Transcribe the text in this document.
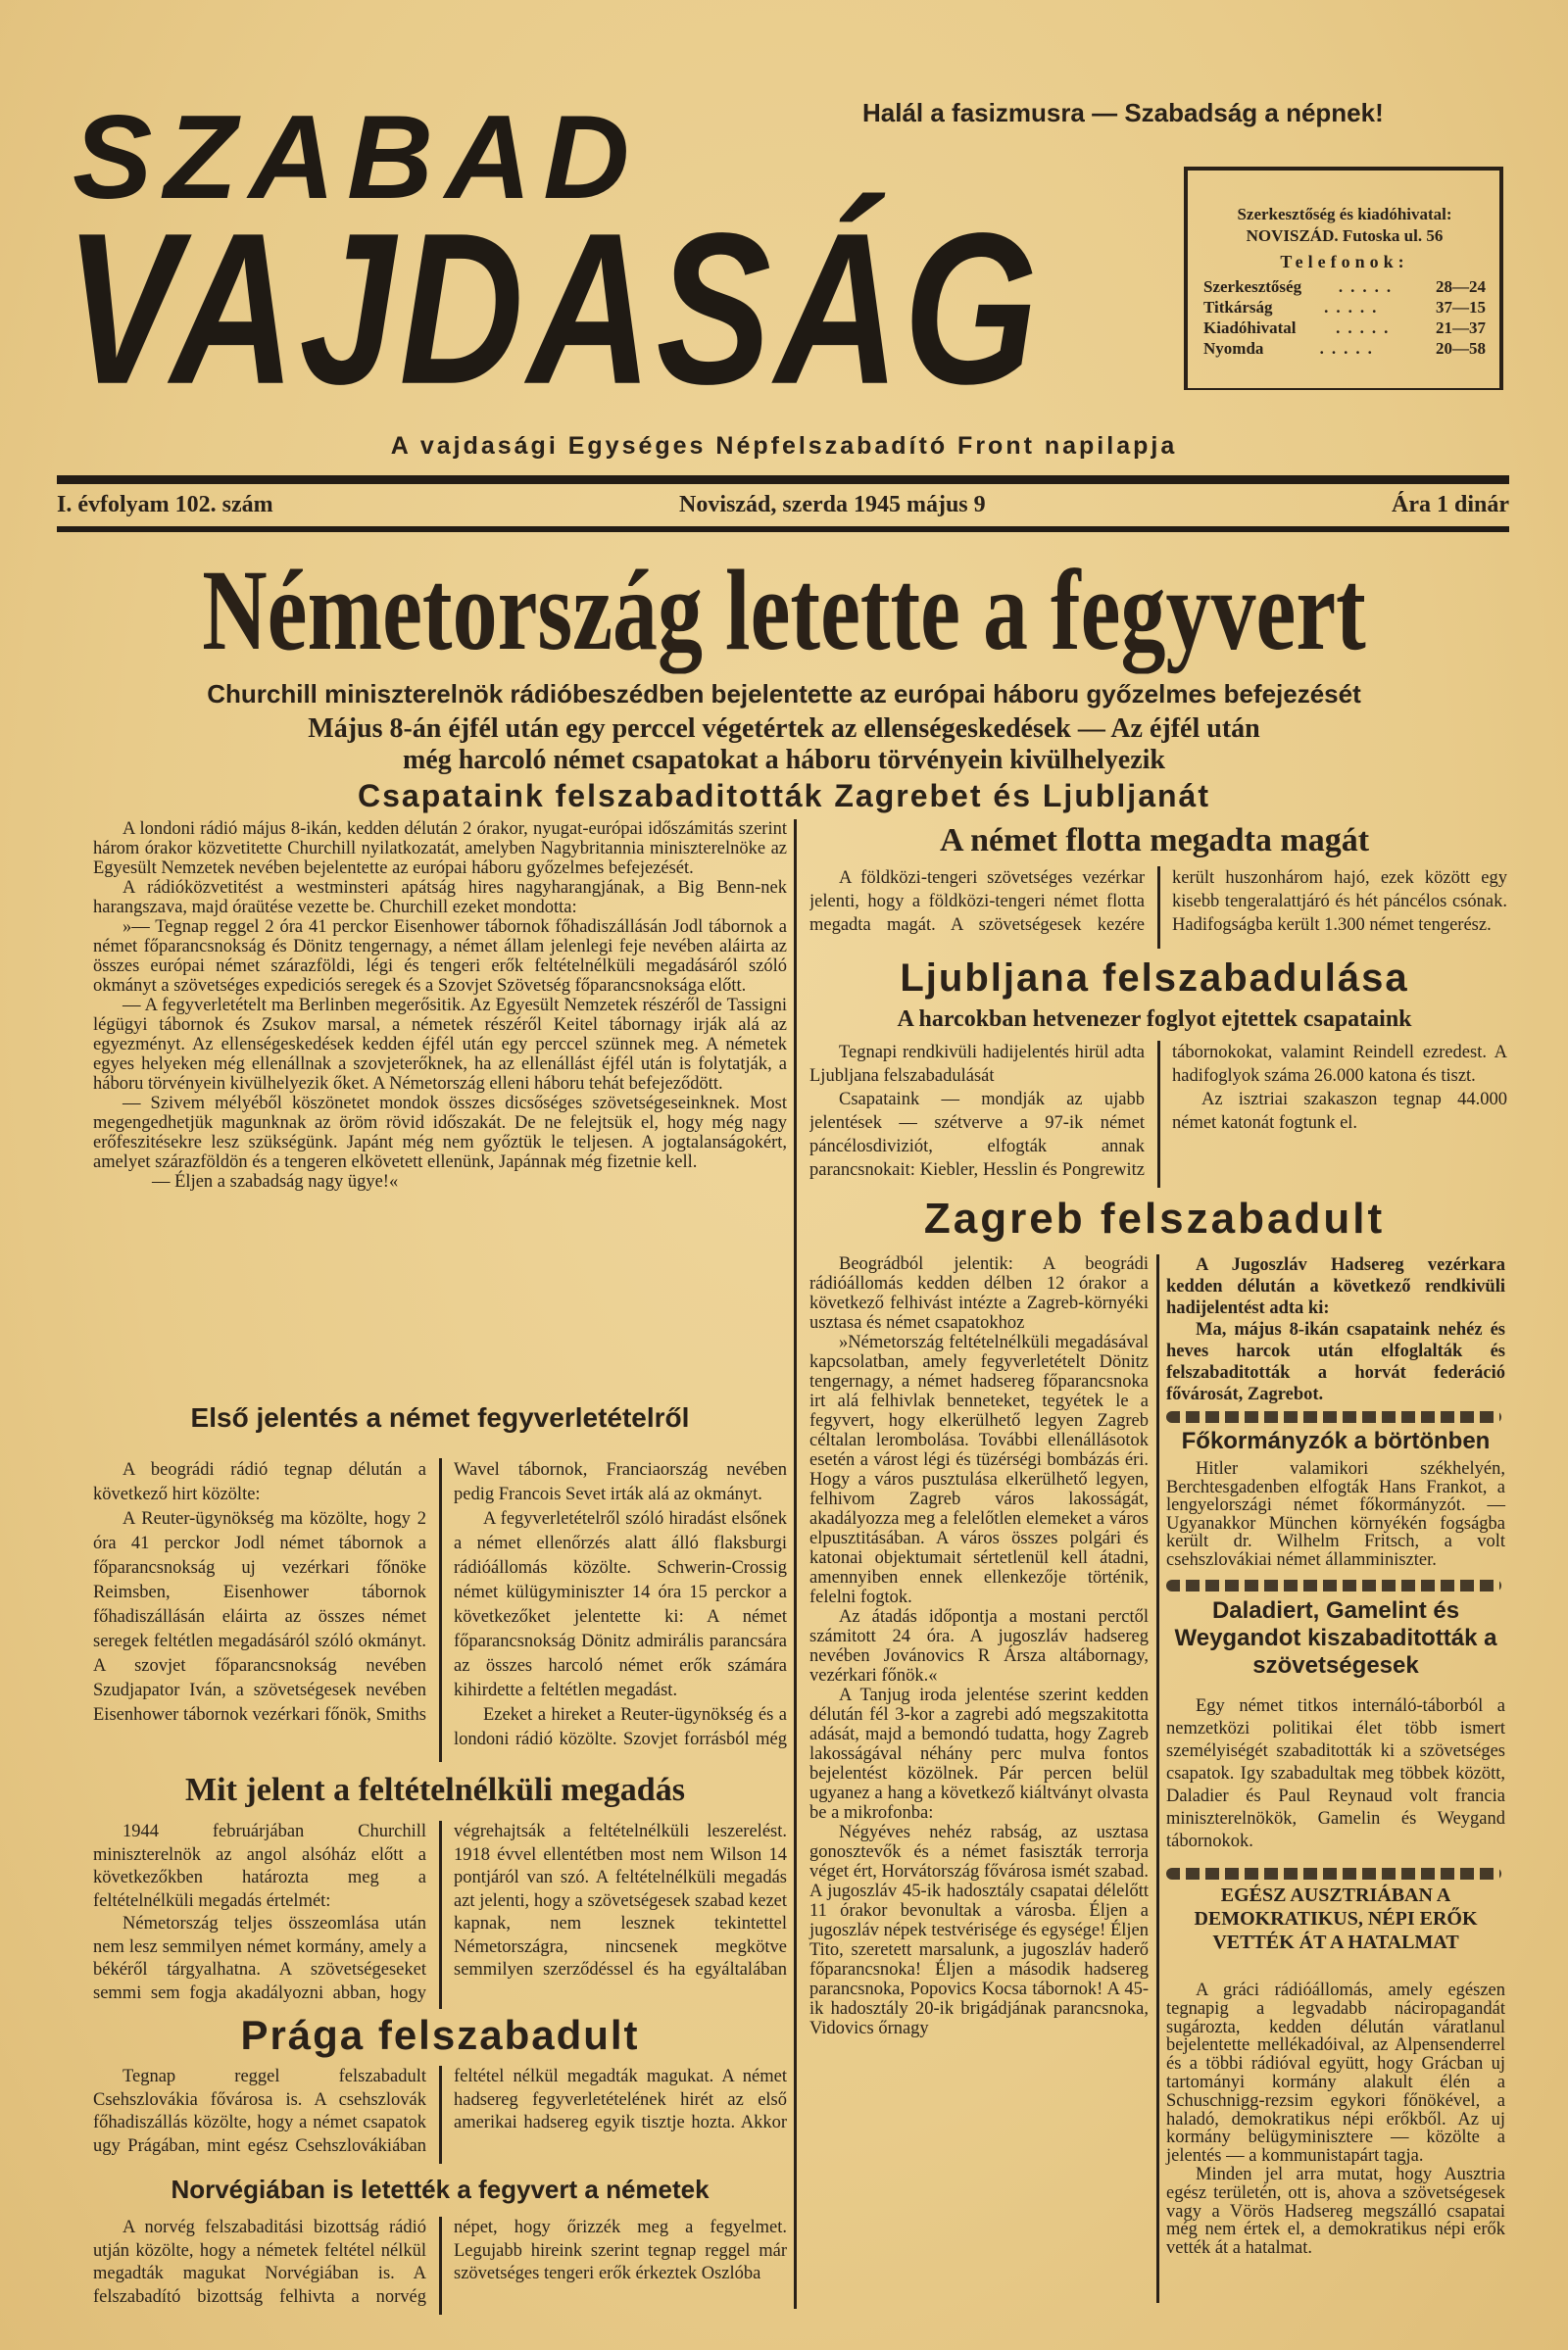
SZABAD
VAJDASÁG
Halál a fasizmusra — Szabadság a népnek!
Szerkesztőség és kiadóhivatal:
NOVISZÁD. Futoska ul. 56
Telefonok:
Szerkesztőség	.....	28—24
Titkárság	.....	37—15
Kiadóhivatal	.....	21—37
Nyomda	.....	20—58
A vajdasági Egységes Népfelszabadító Front napilapja
I. évfolyam 102. szám	Noviszád, szerda 1945 május 9	Ára 1 dinár
Németország letette a fegyvert
Churchill miniszterelnök rádióbeszédben bejelentette az európai háboru győzelmes befejezését
Május 8-án éjfél után egy perccel végetértek az ellenségeskedések — Az éjfél után
még harcoló német csapatokat a háboru törvényein kivülhelyezik
Csapataink felszabaditották Zagrebet és Ljubljanát

A londoni rádió május 8-ikán, kedden délután 2 órakor, nyugat-európai időszámitás szerint három órakor közvetitette Churchill nyilatkozatát, amelyben Nagybritannia miniszterelnöke az Egyesült Nemzetek nevében bejelentette az európai háboru győzelmes befejezését.

A rádióközvetitést a westminsteri apátság hires nagyharangjának, a Big Benn-nek harangszava, majd óraütése vezette be. Churchill ezeket mondotta:

»— Tegnap reggel 2 óra 41 perckor Eisenhower tábornok főhadiszállásán Jodl tábornok a német főparancsnokság és Dönitz tengernagy, a német állam jelenlegi feje nevében aláirta az összes európai német szárazföldi, légi és tengeri erők feltételnélküli megadásáról szóló okmányt a szövetséges expediciós seregek és a Szovjet Szövetség főparancsnoksága előtt.

— A fegyverletételt ma Berlinben megerősitik. Az Egyesült Nemzetek részéről de Tassigni légügyi tábornok és Zsukov marsal, a németek részéről Keitel tábornagy irják alá az egyezményt. Az ellenségeskedések kedden éjfél után egy perccel szünnek meg. A németek egyes helyeken még ellenállnak a szovjeterőknek, ha az ellenállást éjfél után is folytatják, a háboru törvényein kivülhelyezik őket. A Németország elleni háboru tehát befejeződött.

— Szivem mélyéből köszönetet mondok összes dicsőséges szövetségeseinknek. Most megengedhetjük magunknak az öröm rövid időszakát. De ne felejtsük el, hogy még nagy erőfeszitésekre lesz szükségünk. Japánt még nem győztük le teljesen. A jogtalanságokért, amelyet szárazföldön és a tengeren elkövetett ellenünk, Japánnak még fizetnie kell.

— Éljen a szabadság nagy ügye!«

Első jelentés a német fegyverletételről

A beográdi rádió tegnap délután a következő hirt közölte:

A Reuter-ügynökség ma közölte, hogy 2 óra 41 perckor Jodl német tábornok a főparancsnokság uj vezérkari főnöke Reimsben, Eisenhower tábornok főhadiszállásán eláirta az összes német seregek feltétlen megadásáról szóló okmányt. A szovjet főparancsnokság nevében Szudjapator Iván, a szövetségesek nevében Eisenhower tábornok vezérkari főnök, Smiths Wavel tábornok, Franciaország nevében pedig Francois Sevet irták alá az okmányt.

A fegyverletételről szóló hiradást elsőnek a német ellenőrzés alatt álló flaksburgi rádióállomás közölte. Schwerin-Crossig német külügyminiszter 14 óra 15 perckor a következőket jelentette ki: A német főparancsnokság Dönitz admirális parancsára az összes harcoló német erők számára kihirdette a feltétlen megadást.

Ezeket a hireket a Reuter-ügynökség és a londoni rádió közölte. Szovjet forrásból még

Mit jelent a feltételnélküli megadás

1944 februárjában Churchill miniszterelnök az angol alsóház előtt a következőkben határozta meg a feltételnélküli megadás értelmét:

Németország teljes összeomlása után nem lesz semmilyen német kormány, amely a békéről tárgyalhatna. A szövetségeseket semmi sem fogja akadályozni abban, hogy végrehajtsák a feltételnélküli leszerelést. 1918 évvel ellentétben most nem Wilson 14 pontjáról van szó. A feltételnélküli megadás azt jelenti, hogy a szövetségesek szabad kezet kapnak, nem lesznek tekintettel Németországra, nincsenek megkötve semmilyen szerződéssel és ha egyáltalában

Prága felszabadult

Tegnap reggel felszabadult Csehszlovákia fővárosa is. A csehszlovák főhadiszállás közölte, hogy a német csapatok ugy Prágában, mint egész Csehszlovákiában feltétel nélkül megadták magukat. A német hadsereg fegyverletételének hirét az első amerikai hadsereg egyik tisztje hozta. Akkor

Norvégiában is letették a fegyvert a németek

A norvég felszabaditási bizottság rádió utján közölte, hogy a németek feltétel nélkül megadták magukat Norvégiában is. A felszabadító bizottság felhivta a norvég népet, hogy őrizzék meg a fegyelmet. Legujabb hireink szerint tegnap reggel már szövetséges tengeri erők érkeztek Oszlóba

A német flotta megadta magát

A földközi-tengeri szövetséges vezérkar jelenti, hogy a földközi-tengeri német flotta megadta magát. A szövetségesek kezére került huszonhárom hajó, ezek között egy kisebb tengeralattjáró és hét páncélos csónak. Hadifogságba került 1.300 német tengerész.

Ljubljana felszabadulása
A harcokban hetvenezer foglyot ejtettek csapataink

Tegnapi rendkivüli hadijelentés hirül adta Ljubljana felszabadulását

Csapataink — mondják az ujabb jelentések — szétverve a 97-ik német páncélosdiviziót, elfogták annak parancsnokait: Kiebler, Hesslin és Pongrewitz tábornokokat, valamint Reindell ezredest. A hadifoglyok száma 26.000 katona és tiszt.

Az isztriai szakaszon tegnap 44.000 német katonát fogtunk el.

Zagreb felszabadult

Beográdból jelentik: A beográdi rádióállomás kedden délben 12 órakor a következő felhivást intézte a Zagreb-környéki usztasa és német csapatokhoz

»Németország feltételnélküli megadásával kapcsolatban, amely fegyverletételt Dönitz tengernagy, a német hadsereg főparancsnoka irt alá felhivlak benneteket, tegyétek le a fegyvert, hogy elkerülhető legyen Zagreb céltalan lerombolása. További ellenállásotok esetén a várost légi és tüzérségi bombázás éri. Hogy a város pusztulása elkerülhető legyen, felhivom Zagreb város lakosságát, akadályozza meg a felelőtlen elemeket a város elpusztitásában. A város összes polgári és katonai objektumait sértetlenül kell átadni, amennyiben ennek ellenkezője történik, felelni fogtok.

Az átadás időpontja a mostani perctől számitott 24 óra. A jugoszláv hadsereg nevében Jovánovics R Ársza altábornagy, vezérkari főnök.«

A Tanjug iroda jelentése szerint kedden délután fél 3-kor a zagrebi adó megszakitotta adását, majd a bemondó tudatta, hogy Zagreb lakosságával néhány perc mulva fontos bejelentést közölnek. Pár percen belül ugyanez a hang a következő kiáltványt olvasta be a mikrofonba:

Négyéves nehéz rabság, az usztasa gonosztevők és a német fasiszták terrorja véget ért, Horvátország fővárosa ismét szabad. A jugoszláv 45-ik hadosztály csapatai délelőtt 11 órakor bevonultak a városba. Éljen a jugoszláv népek testvérisége és egysége! Éljen Tito, szeretett marsalunk, a jugoszláv haderő főparancsnoka! Éljen a második hadsereg parancsnoka, Popovics Kocsa tábornok! A 45-ik hadosztály 20-ik brigádjának parancsnoka, Vidovics őrnagy

A Jugoszláv Hadsereg vezérkara kedden délután a következő rendkivüli hadijelentést adta ki:

Ma, május 8-ikán csapataink nehéz és heves harcok után elfoglalták és felszabaditották a horvát federáció fővárosát, Zagrebot.

Főkormányzók a börtönben

Hitler valamikori székhelyén, Berchtesgadenben elfogták Hans Frankot, a lengyelországi német főkormányzót. — Ugyanakkor München környékén fogságba került dr. Wilhelm Fritsch, a volt csehszlovákiai német államminiszter.

Daladiert, Gamelint és Weygandot kiszabaditották a szövetségesek

Egy német titkos internáló-táborból a nemzetközi politikai élet több ismert személyiségét szabaditották ki a szövetséges csapatok. Igy szabadultak meg többek között, Daladier és Paul Reynaud volt francia miniszterelnökök, Gamelin és Weygand tábornokok.

EGÉSZ AUSZTRIÁBAN A DEMOKRATIKUS, NÉPI ERŐK VETTÉK ÁT A HATALMAT

A gráci rádióállomás, amely egészen tegnapig a legvadabb náciropagandát sugározta, kedden délután váratlanul bejelentette mellékadóival, az Alpensenderrel és a többi rádióval együtt, hogy Grácban uj tartományi kormány alakult élén a Schuschnigg-rezsim egykori főnökével, a haladó, demokratikus népi erőkből. Az uj kormány belügyminisztere — közölte a jelentés — a kommunistapárt tagja.

Minden jel arra mutat, hogy Ausztria egész területén, ott is, ahova a szövetségesek vagy a Vörös Hadsereg megszálló csapatai még nem értek el, a demokratikus népi erők vették át a hatalmat.
